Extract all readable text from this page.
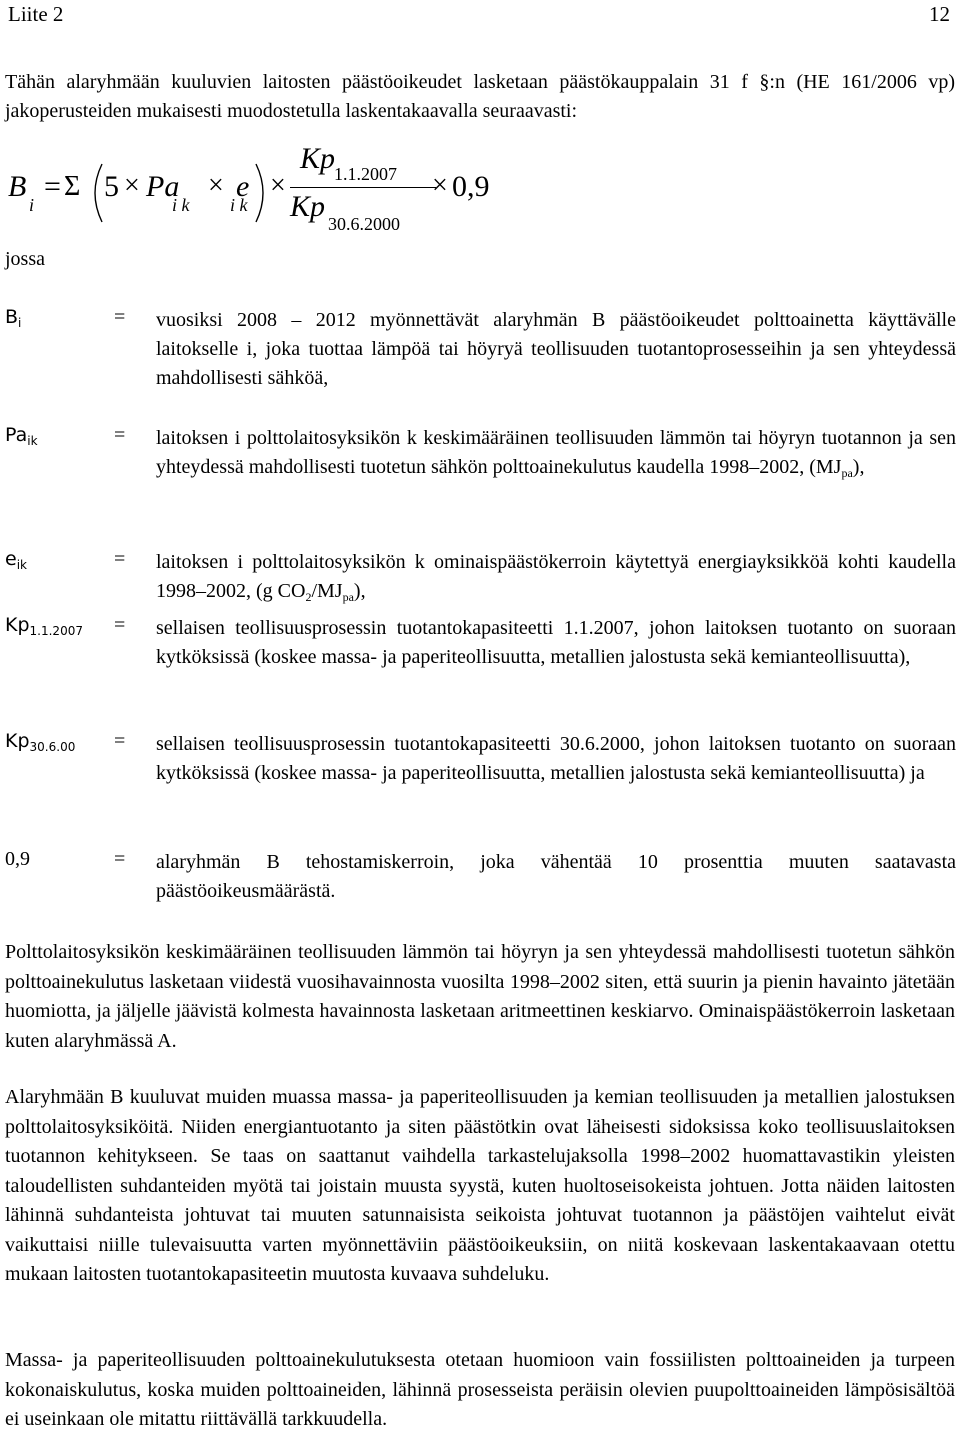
Liite 2	12
Tähän alaryhmään kuuluvien laitosten päästöoikeudet lasketaan päästökauppalain 31 f §:n (HE 161/2006 vp) jakoperusteiden mukaisesti muodostetulla laskentakaavalla seuraavasti:
B
i
= Σ 5 × Pa
i k
× e
i k
×
Kp
1.1.2007
Kp
30.6.2000
× 0,9
jossa
$B_i$	= vuosiksi 2008 – 2012 myönnettävät alaryhmän B päästöoikeudet polttoainetta käyttävälle laitokselle i, joka tuottaa lämpöä tai höyryä teollisuuden tuotantoprosesseihin ja sen yhteydessä mahdollisesti sähköä,
$Pa_{ik}$	= laitoksen i polttolaitosyksikön k keskimääräinen teollisuuden lämmön tai höyryn tuotannon ja sen yhteydessä mahdollisesti tuotetun sähkön polttoainekulutus kaudella 1998–2002, $(MJ_{pa})$,
$e_{ik}$	= laitoksen i polttolaitosyksikön k ominaispäästökerroin käytettyä energiayksikköä kohti kaudella 1998–2002, (g $CO_2/MJ_{pa}$),
$Kp_{1.1.2007}$ = sellaisen teollisuusprosessin tuotantokapasiteetti 1.1.2007, johon laitoksen tuotanto on suoraan kytköksissä (koskee massa- ja paperiteollisuutta, metallien jalostusta sekä kemianteollisuutta),
$Kp_{30.6.00}$ = sellaisen teollisuusprosessin tuotantokapasiteetti 30.6.2000, johon laitoksen tuotanto on suoraan kytköksissä (koskee massa- ja paperiteollisuutta, metallien jalostusta sekä kemianteollisuutta) ja
0,9	= alaryhmän B tehostamiskerroin, joka vähentää 10 prosenttia muuten saatavasta päästöoikeusmäärästä.
Polttolaitosyksikön keskimääräinen teollisuuden lämmön tai höyryn ja sen yhteydessä mahdollisesti tuotetun sähkön polttoainekulutus lasketaan viidestä vuosihavainnosta vuosilta 1998–2002 siten, että suurin ja pienin havainto jätetään huomiotta, ja jäljelle jäävistä kolmesta havainnosta lasketaan aritmeettinen keskiarvo. Ominaispäästökerroin lasketaan kuten alaryhmässä A.
Alaryhmään B kuuluvat muiden muassa massa- ja paperiteollisuuden ja kemian teollisuuden ja metallien jalostuksen polttolaitosyksiköitä. Niiden energiantuotanto ja siten päästötkin ovat läheisesti sidoksissa koko teollisuuslaitoksen tuotannon kehitykseen. Se taas on saattanut vaihdella tarkastelujaksolla 1998–2002 huomattavastikin yleisten taloudellisten suhdanteiden myötä tai joistain muusta syystä, kuten huoltoseisokeista johtuen. Jotta näiden laitosten lähinnä suhdanteista johtuvat tai muuten satunnaisista seikoista johtuvat tuotannon ja päästöjen vaihtelut eivät vaikuttaisi niille tulevaisuutta varten myönnettäviin päästöoikeuksiin, on niitä koskevaan laskentakaavaan otettu mukaan laitosten tuotantokapasiteetin muutosta kuvaava suhdeluku.
Massa- ja paperiteollisuuden polttoainekulutuksesta otetaan huomioon vain fossiilisten polttoaineiden ja turpeen kokonaiskulutus, koska muiden polttoaineiden, lähinnä prosesseista peräisin olevien puupolttoaineiden lämpösisältöä ei useinkaan ole mitattu riittävällä tarkkuudella.
